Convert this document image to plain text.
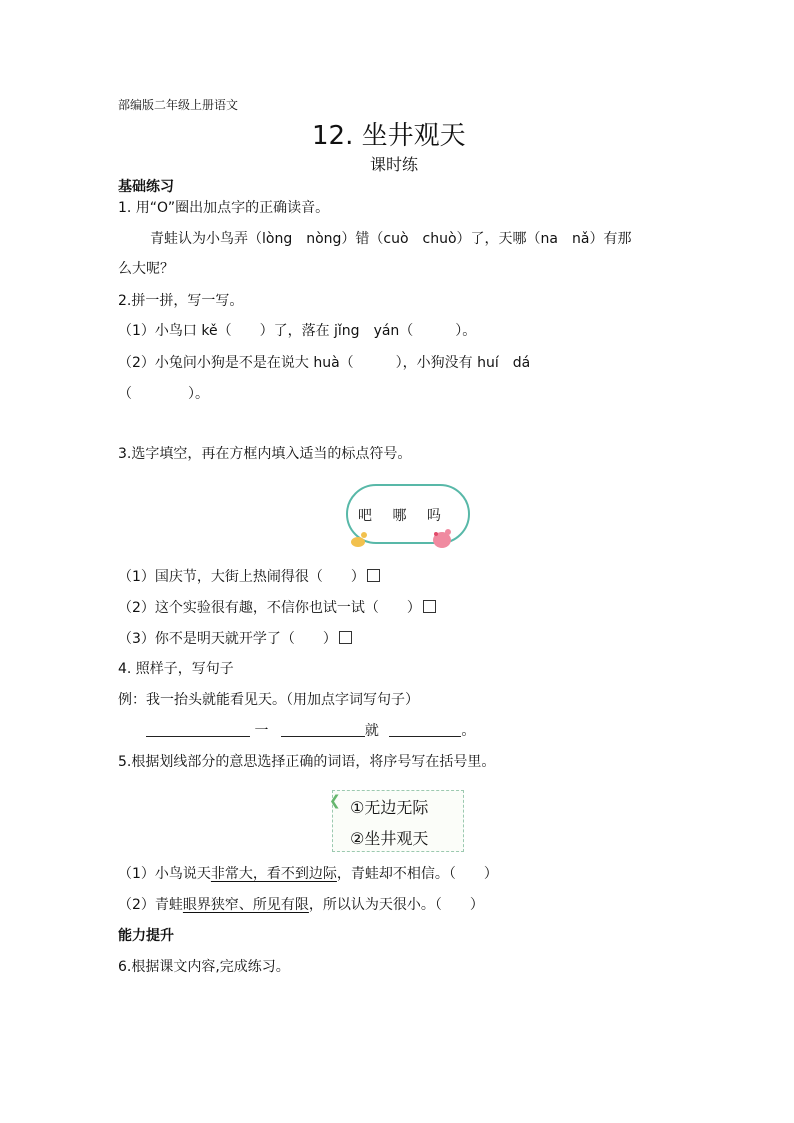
部编版二年级上册语文
12. 坐井观天
课时练
基础练习
1. 用“O”圈出加点字的正确读音。
青蛙认为小鸟弄（lòng　nòng）错（cuò　chuò）了，天哪（na　nǎ）有那
么大呢？
2.拼一拼，写一写。
（1）小鸟口 kě（　　）了，落在 jǐng　yán（　　　）。
（2）小兔问小狗是不是在说大 huà（　　　），小狗没有 huí　dá
（　　　　）。
3.选字填空，再在方框内填入适当的标点符号。
吧 哪 吗
（1）国庆节，大街上热闹得很（　　）
（2）这个实验很有趣，不信你也试一试（　　）
（3）你不是明天就开学了（　　）
4. 照样子，写句子
例：我一抬头就能看见天。（用加点字词写句子）
一	就	。
5.根据划线部分的意思选择正确的词语，将序号写在括号里。
❮ ①无边无际
②坐井观天
（1）小鸟说天非常大，看不到边际，青蛙却不相信。（　　）
（2）青蛙眼界狭窄、所见有限，所以认为天很小。（　　）
能力提升
6.根据课文内容,完成练习。
